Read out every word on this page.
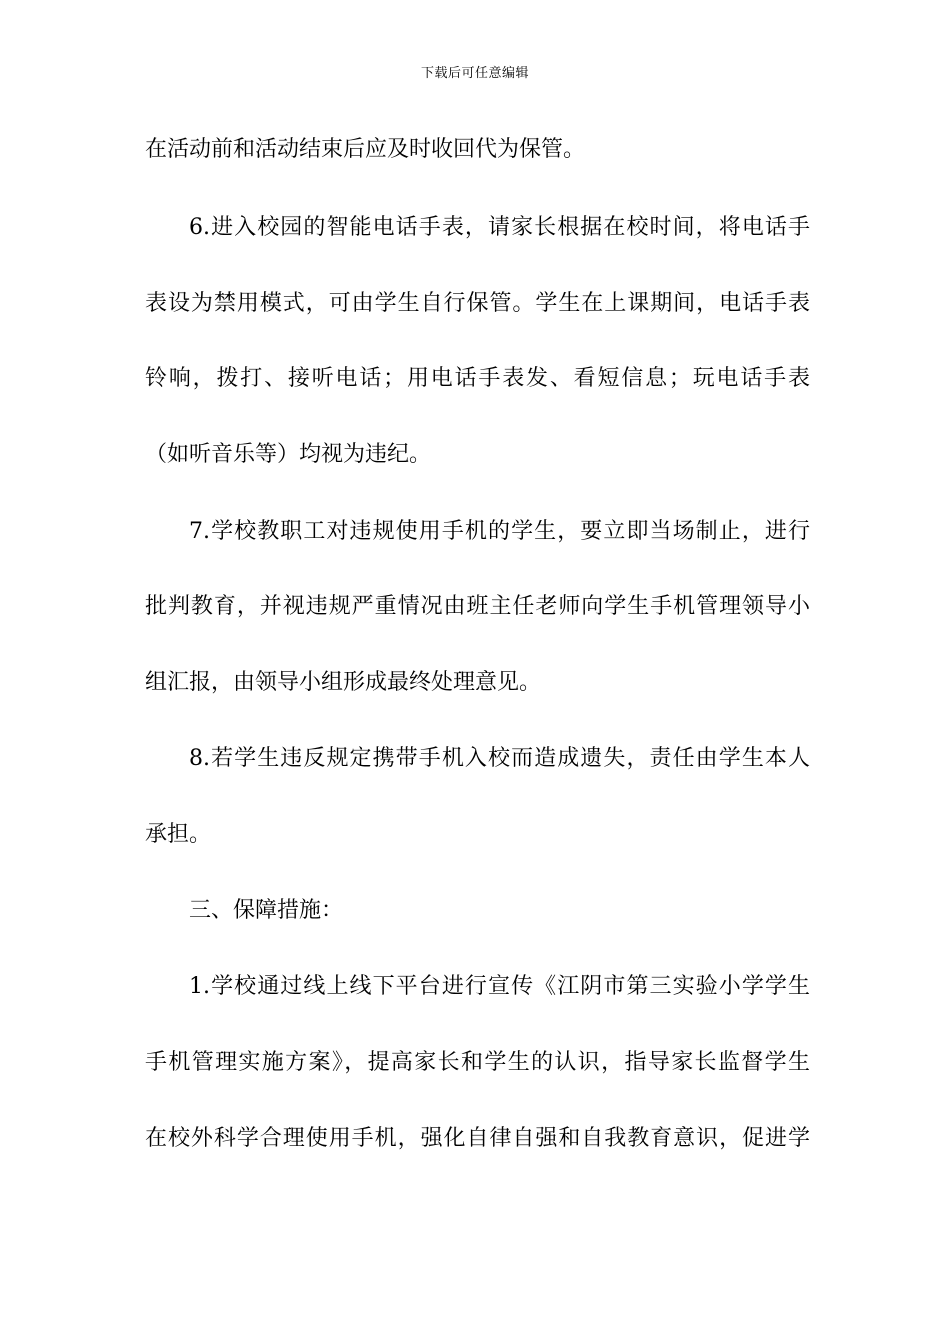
下载后可任意编辑
在活动前和活动结束后应及时收回代为保管。
6.进入校园的智能电话手表，请家长根据在校时间，将电话手
表设为禁用模式，可由学生自行保管。学生在上课期间，电话手表
铃响，拨打、接听电话；用电话手表发、看短信息；玩电话手表
（如听音乐等）均视为违纪。
7.学校教职工对违规使用手机的学生，要立即当场制止，进行
批判教育，并视违规严重情况由班主任老师向学生手机管理领导小
组汇报，由领导小组形成最终处理意见。
8.若学生违反规定携带手机入校而造成遗失，责任由学生本人
承担。
三、保障措施：
1.学校通过线上线下平台进行宣传《江阴市第三实验小学学生
手机管理实施方案》，提高家长和学生的认识，指导家长监督学生
在校外科学合理使用手机，强化自律自强和自我教育意识，促进学
